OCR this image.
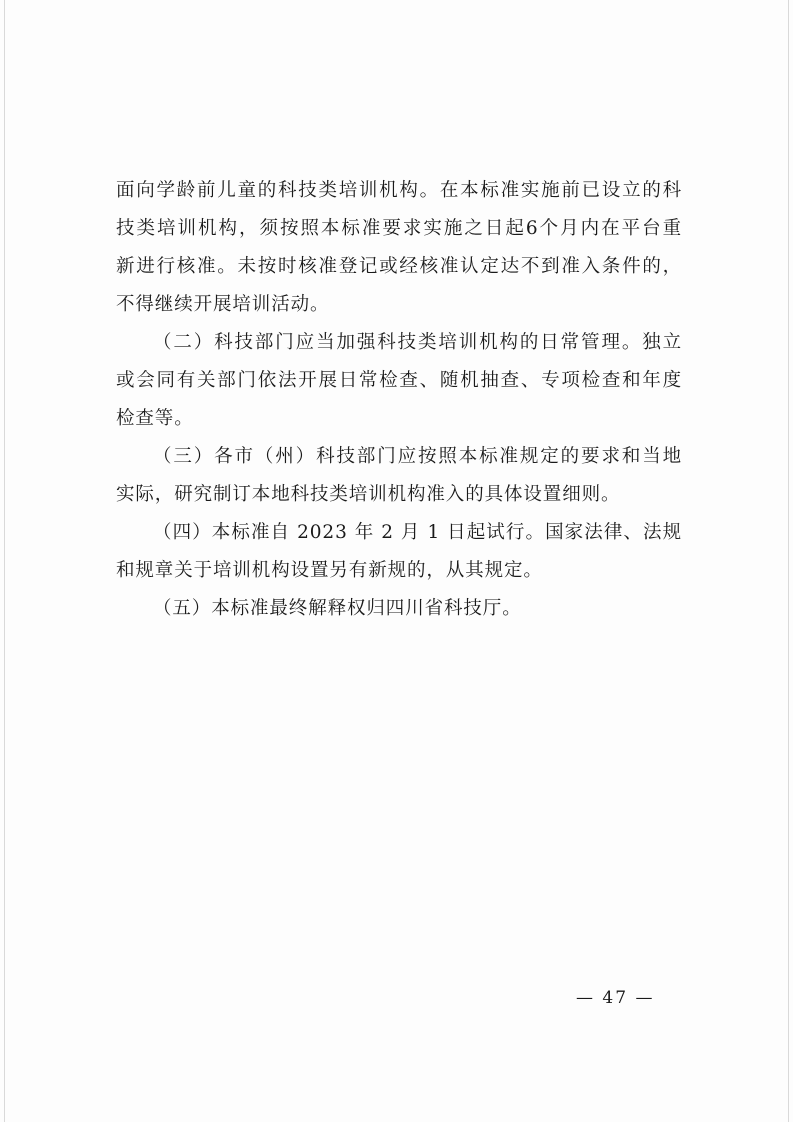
面向学龄前儿童的科技类培训机构。在本标准实施前已设立的科
技类培训机构，须按照本标准要求实施之日起6个月内在平台重
新进行核准。未按时核准登记或经核准认定达不到准入条件的，
不得继续开展培训活动。
（二）科技部门应当加强科技类培训机构的日常管理。独立
或会同有关部门依法开展日常检查、随机抽查、专项检查和年度
检查等。
（三）各市（州）科技部门应按照本标准规定的要求和当地
实际，研究制订本地科技类培训机构准入的具体设置细则。
（四）本标准自 2023 年 2 月 1 日起试行。国家法律、法规
和规章关于培训机构设置另有新规的，从其规定。
（五）本标准最终解释权归四川省科技厅。
— 47 —
